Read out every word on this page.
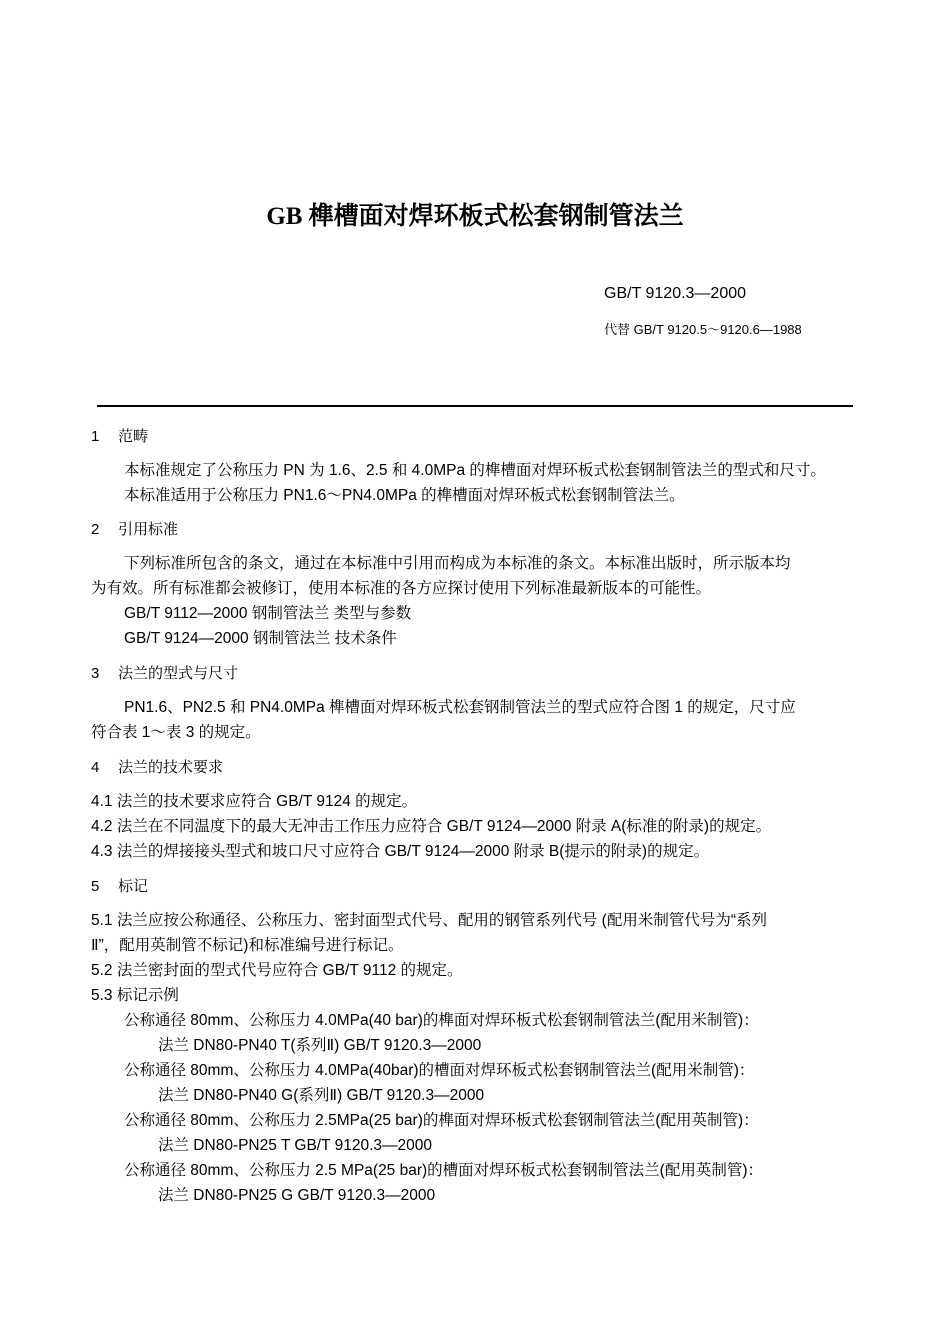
GB 榫槽面对焊环板式松套钢制管法兰
GB/T 9120.3—2000
代替 GB/T 9120.5～9120.6—1988
1 范畴
本标准规定了公称压力 PN 为 1.6、2.5 和 4.0MPa 的榫槽面对焊环板式松套钢制管法兰的型式和尺寸。
本标准适用于公称压力 PN1.6～PN4.0MPa 的榫槽面对焊环板式松套钢制管法兰。
2 引用标准
下列标准所包含的条文，通过在本标准中引用而构成为本标准的条文。本标准出版时，所示版本均
为有效。所有标准都会被修订，使用本标准的各方应探讨使用下列标准最新版本的可能性。
GB/T 9112—2000 钢制管法兰 类型与参数
GB/T 9124—2000 钢制管法兰 技术条件
3 法兰的型式与尺寸
PN1.6、PN2.5 和 PN4.0MPa 榫槽面对焊环板式松套钢制管法兰的型式应符合图 1 的规定，尺寸应
符合表 1～表 3 的规定。
4 法兰的技术要求
4.1 法兰的技术要求应符合 GB/T 9124 的规定。
4.2 法兰在不同温度下的最大无冲击工作压力应符合 GB/T 9124—2000 附录 A(标准的附录)的规定。
4.3 法兰的焊接接头型式和坡口尺寸应符合 GB/T 9124—2000 附录 B(提示的附录)的规定。
5 标记
5.1 法兰应按公称通径、公称压力、密封面型式代号、配用的钢管系列代号 (配用米制管代号为“系列
Ⅱ”，配用英制管不标记)和标准编号进行标记。
5.2 法兰密封面的型式代号应符合 GB/T 9112 的规定。
5.3 标记示例
公称通径 80mm、公称压力 4.0MPa(40 bar)的榫面对焊环板式松套钢制管法兰(配用米制管)：
法兰 DN80-PN40 T(系列Ⅱ) GB/T 9120.3—2000
公称通径 80mm、公称压力 4.0MPa(40bar)的槽面对焊环板式松套钢制管法兰(配用米制管)：
法兰 DN80-PN40 G(系列Ⅱ) GB/T 9120.3—2000
公称通径 80mm、公称压力 2.5MPa(25 bar)的榫面对焊环板式松套钢制管法兰(配用英制管)：
法兰 DN80-PN25 T GB/T 9120.3—2000
公称通径 80mm、公称压力 2.5 MPa(25 bar)的槽面对焊环板式松套钢制管法兰(配用英制管)：
法兰 DN80-PN25 G GB/T 9120.3—2000
